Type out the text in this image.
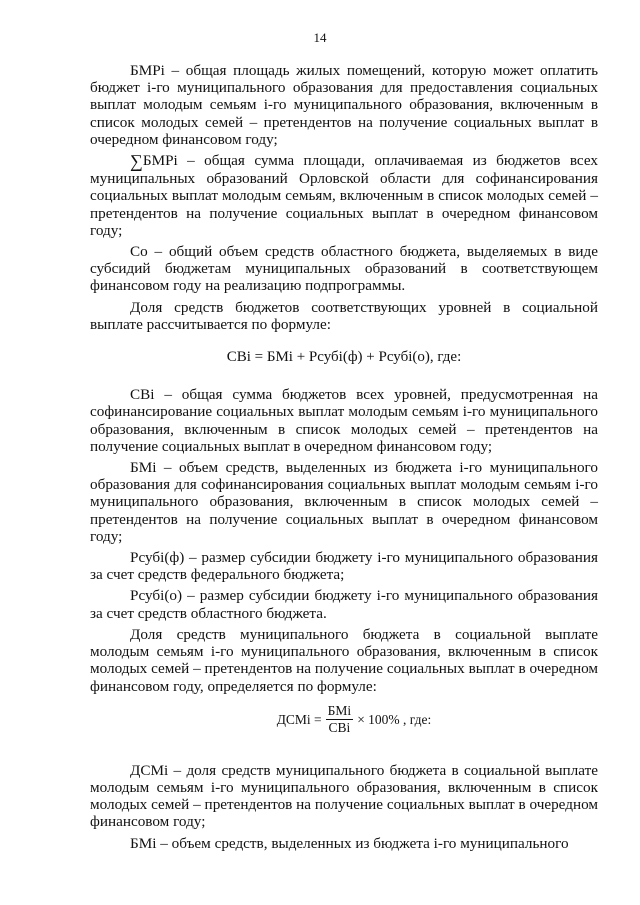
14

БМРi – общая площадь жилых помещений, которую может оплатить бюджет i-го муниципального образования для предоставления социальных выплат молодым семьям i-го муниципального образования, включенным в список молодых семей – претендентов на получение социальных выплат в очередном финансовом году;

∑БМРi – общая сумма площади, оплачиваемая из бюджетов всех муниципальных образований Орловской области для софинансирования социальных выплат молодым семьям, включенным в список молодых семей – претендентов на получение социальных выплат в очередном финансовом году;

Со – общий объем средств областного бюджета, выделяемых в виде субсидий бюджетам муниципальных образований в соответствующем финансовом году на реализацию подпрограммы.

Доля средств бюджетов соответствующих уровней в социальной выплате рассчитывается по формуле:

СВi = БМi + Рсубi(ф) + Рсубi(о), где:

СВi – общая сумма бюджетов всех уровней, предусмотренная на софинансирование социальных выплат молодым семьям i-го муниципального образования, включенным в список молодых семей – претендентов на получение социальных выплат в очередном финансовом году;

БМi – объем средств, выделенных из бюджета i-го муниципального образования для софинансирования социальных выплат молодым семьям i-го муниципального образования, включенным в список молодых семей – претендентов на получение социальных выплат в очередном финансовом году;

Рсубi(ф) – размер субсидии бюджету i-го муниципального образования за счет средств федерального бюджета;

Рсубi(о) – размер субсидии бюджету i-го муниципального образования за счет средств областного бюджета.

Доля средств муниципального бюджета в социальной выплате молодым семьям i-го муниципального образования, включенным в список молодых семей – претендентов на получение социальных выплат в очередном финансовом году, определяется по формуле:

ДСМi = $\frac{\text{БМi}}{\text{СВi}} \times 100\%$ , где:

ДСМi – доля средств муниципального бюджета в социальной выплате молодым семьям i-го муниципального образования, включенным в список молодых семей – претендентов на получение социальных выплат в очередном финансовом году;

БМi – объем средств, выделенных из бюджета i-го муниципального
